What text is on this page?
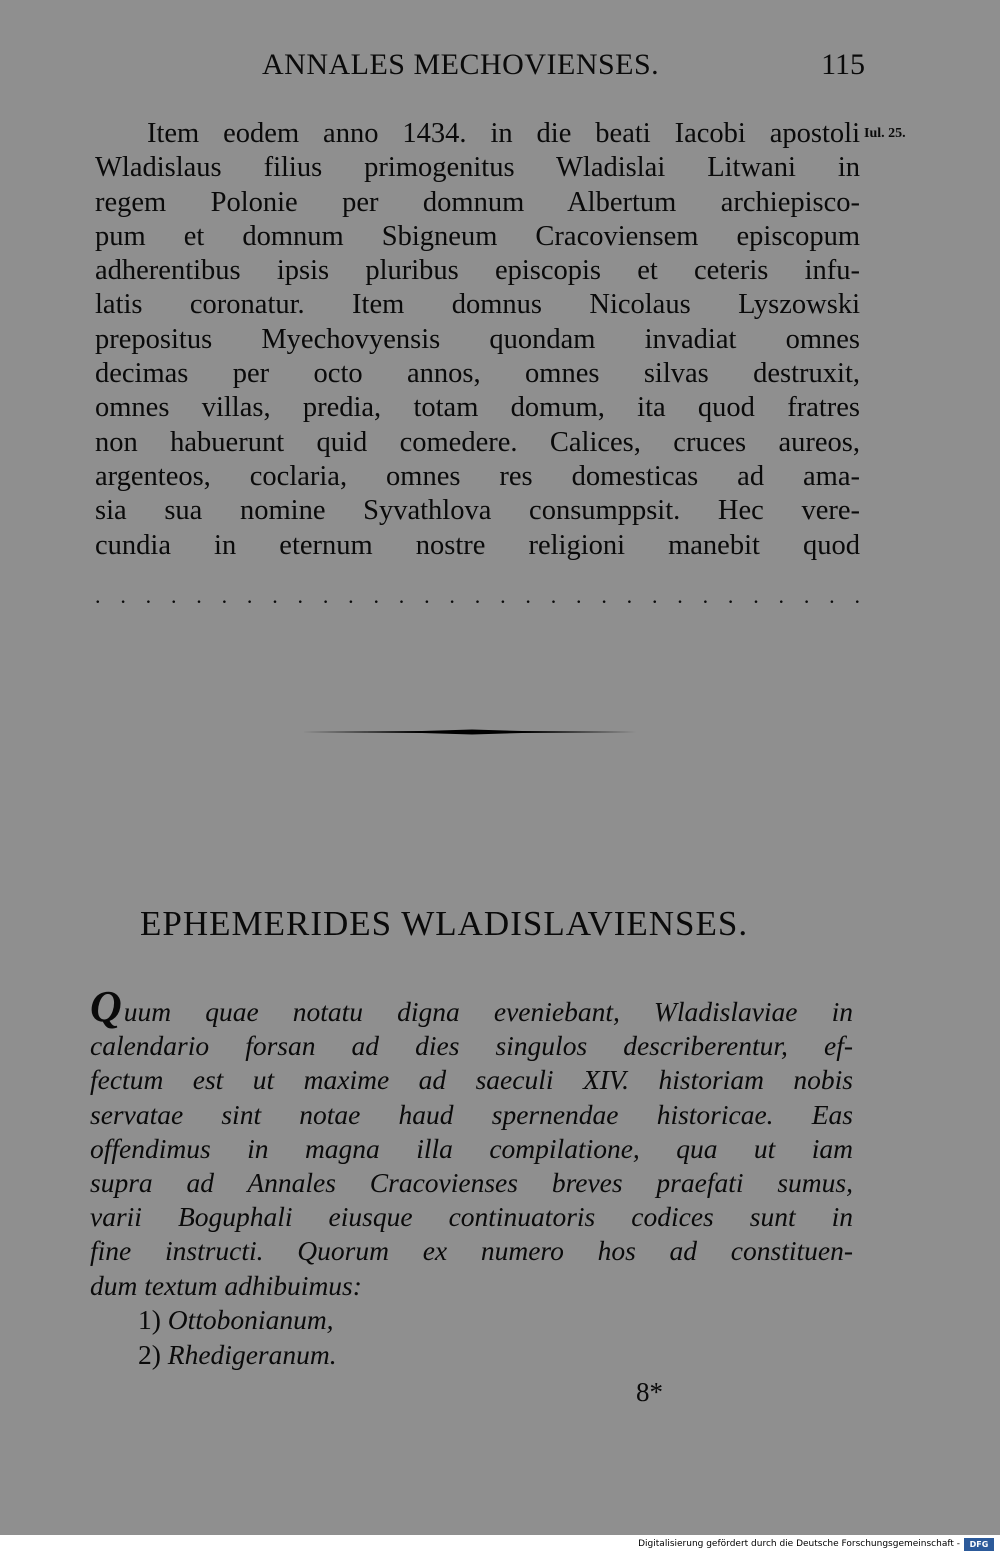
ANNALES MECHOVIENSES.	115
Iul. 25.
Item eodem anno 1434. in die beati Iacobi apostoli
Wladislaus filius primogenitus Wladislai Litwani in
regem Polonie per domnum Albertum archiepisco-
pum et domnum Sbigneum Cracoviensem episcopum
adherentibus ipsis pluribus episcopis et ceteris infu-
latis coronatur. Item domnus Nicolaus Lyszowski
prepositus Myechovyensis quondam invadiat omnes
decimas per octo annos, omnes silvas destruxit,
omnes villas, predia, totam domum, ita quod fratres
non habuerunt quid comedere. Calices, cruces aureos,
argenteos, coclaria, omnes res domesticas ad ama-
sia sua nomine Syvathlova consumppsit. Hec vere-
cundia in eternum nostre religioni manebit quod
. . . . . . . . . . . . . . . . . . . . . . . . . . . . . . .
EPHEMERIDES WLADISLAVIENSES.
Quum quae notatu digna eveniebant, Wladislaviae in
calendario forsan ad dies singulos describerentur, ef-
fectum est ut maxime ad saeculi XIV. historiam nobis
servatae sint notae haud spernendae historicae. Eas
offendimus in magna illa compilatione, qua ut iam
supra ad Annales Cracovienses breves praefati sumus,
varii Boguphali eiusque continuatoris codices sunt in
fine instructi. Quorum ex numero hos ad constituen-
dum textum adhibuimus:
1) Ottobonianum,
2) Rhedigeranum.
8*
Digitalisierung gefördert durch die Deutsche Forschungsgemeinschaft -	DFG
